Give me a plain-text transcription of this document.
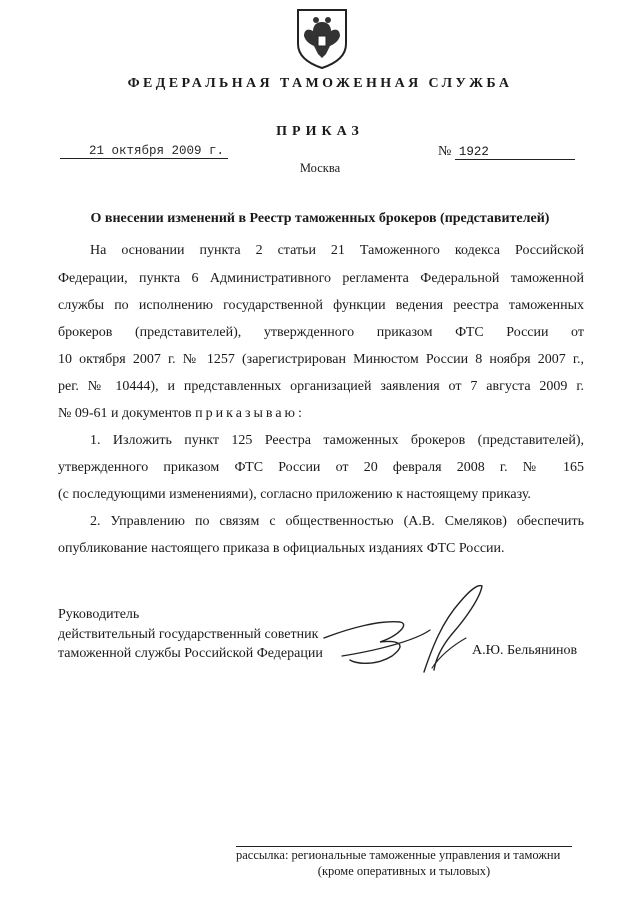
ФЕДЕРАЛЬНАЯ ТАМОЖЕННАЯ СЛУЖБА
ПРИКАЗ
21 октября 2009 г.	№ 1922
Москва
О внесении изменений в Реестр таможенных брокеров (представителей)
На основании пункта 2 статьи 21 Таможенного кодекса Российской
Федерации, пункта 6 Административного регламента Федеральной таможенной
службы по исполнению государственной функции ведения реестра таможенных
брокеров (представителей), утвержденного приказом ФТС России от
10 октября 2007 г. № 1257 (зарегистрирован Минюстом России 8 ноября 2007 г.,
рег. № 10444), и представленных организацией заявления от 7 августа 2009 г.
№ 09-61 и документов приказываю:
1. Изложить пункт 125 Реестра таможенных брокеров (представителей),
утвержденного приказом ФТС России от 20 февраля 2008 г. № 165
(с последующими изменениями), согласно приложению к настоящему приказу.
2. Управлению по связям с общественностью (А.В. Смеляков) обеспечить
опубликование настоящего приказа в официальных изданиях ФТС России.
Руководитель
действительный государственный советник
таможенной службы Российской Федерации	А.Ю. Бельянинов
рассылка: региональные таможенные управления и таможни
(кроме оперативных и тыловых)
